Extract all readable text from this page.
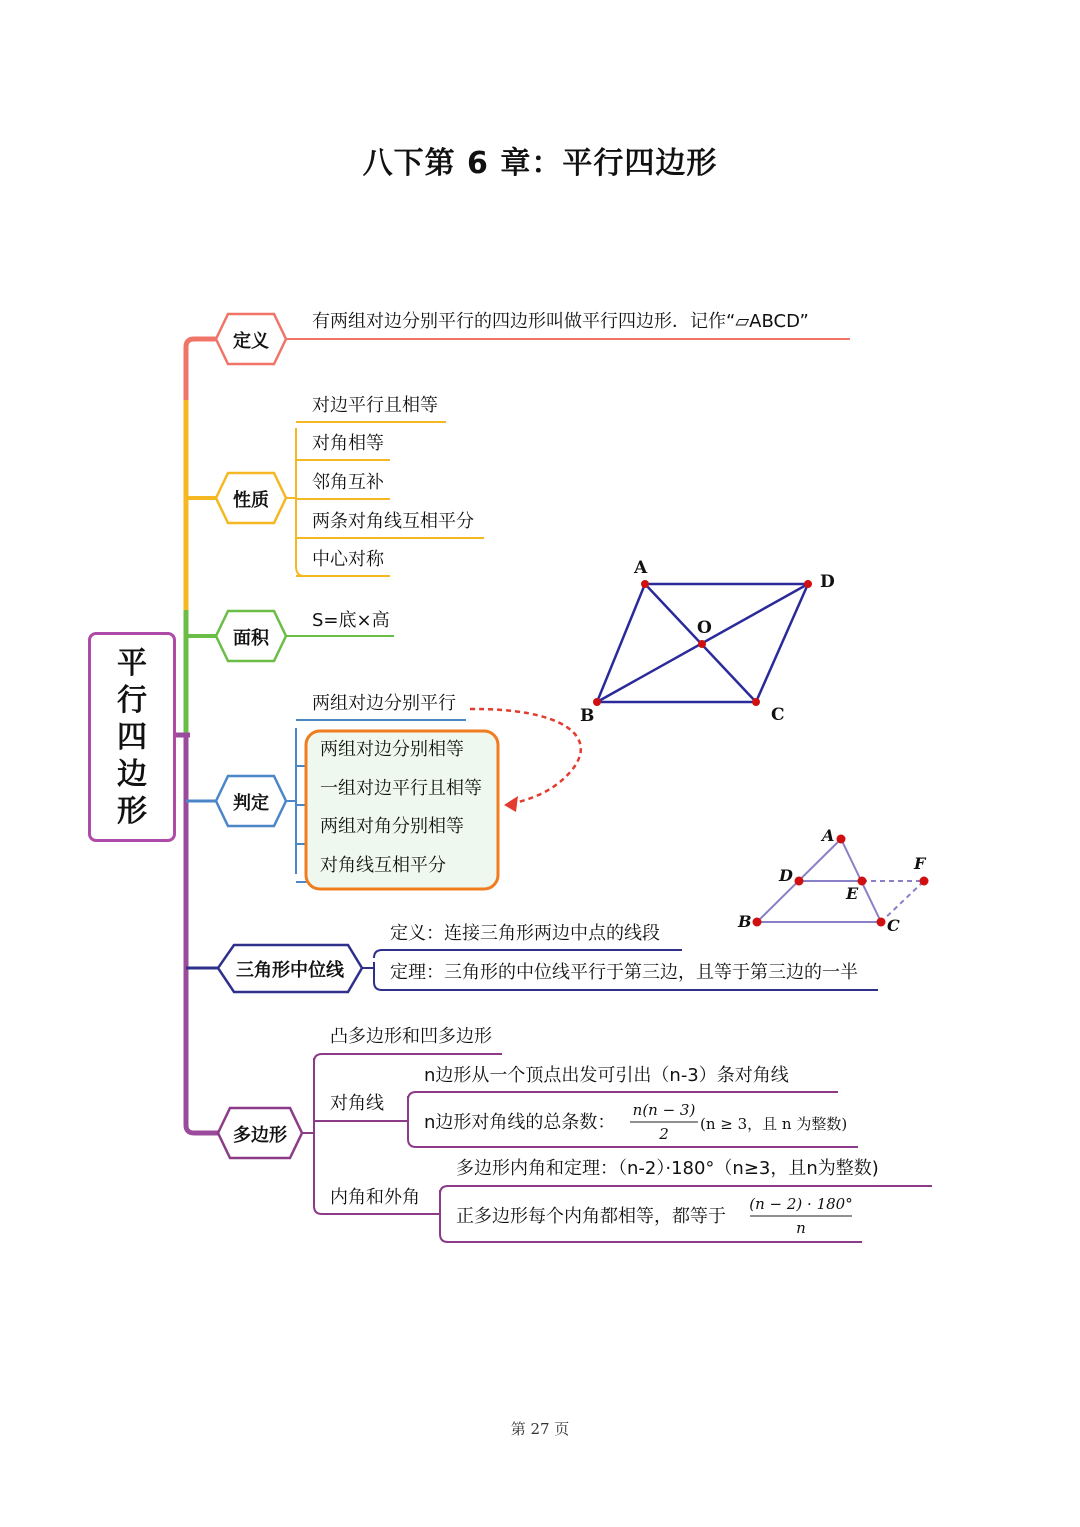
八下第 6 章：平行四边形
平
行
四
边
形
定义
性质
面积
判定
三角形中位线
多边形
有两组对边分别平行的四边形叫做平行四边形．记作“▱ABCD”
对边平行且相等
对角相等
邻角互补
两条对角线互相平分
中心对称
S=底×高
两组对边分别平行
两组对边分别相等
一组对边平行且相等
两组对角分别相等
对角线互相平分
定义：连接三角形两边中点的线段
定理：三角形的中位线平行于第三边，且等于第三边的一半
凸多边形和凹多边形
对角线
n边形从一个顶点出发可引出（n-3）条对角线
n边形对角线的总条数：
n(n − 3)
2
(n ≥ 3，且 n 为整数)
内角和外角
多边形内角和定理：（n-2）·180°（n≥3，且n为整数)
正多边形每个内角都相等，都等于
(n − 2) · 180°
n
A
D
O
B	C
A
D
E
F
B	C
第 27 页
